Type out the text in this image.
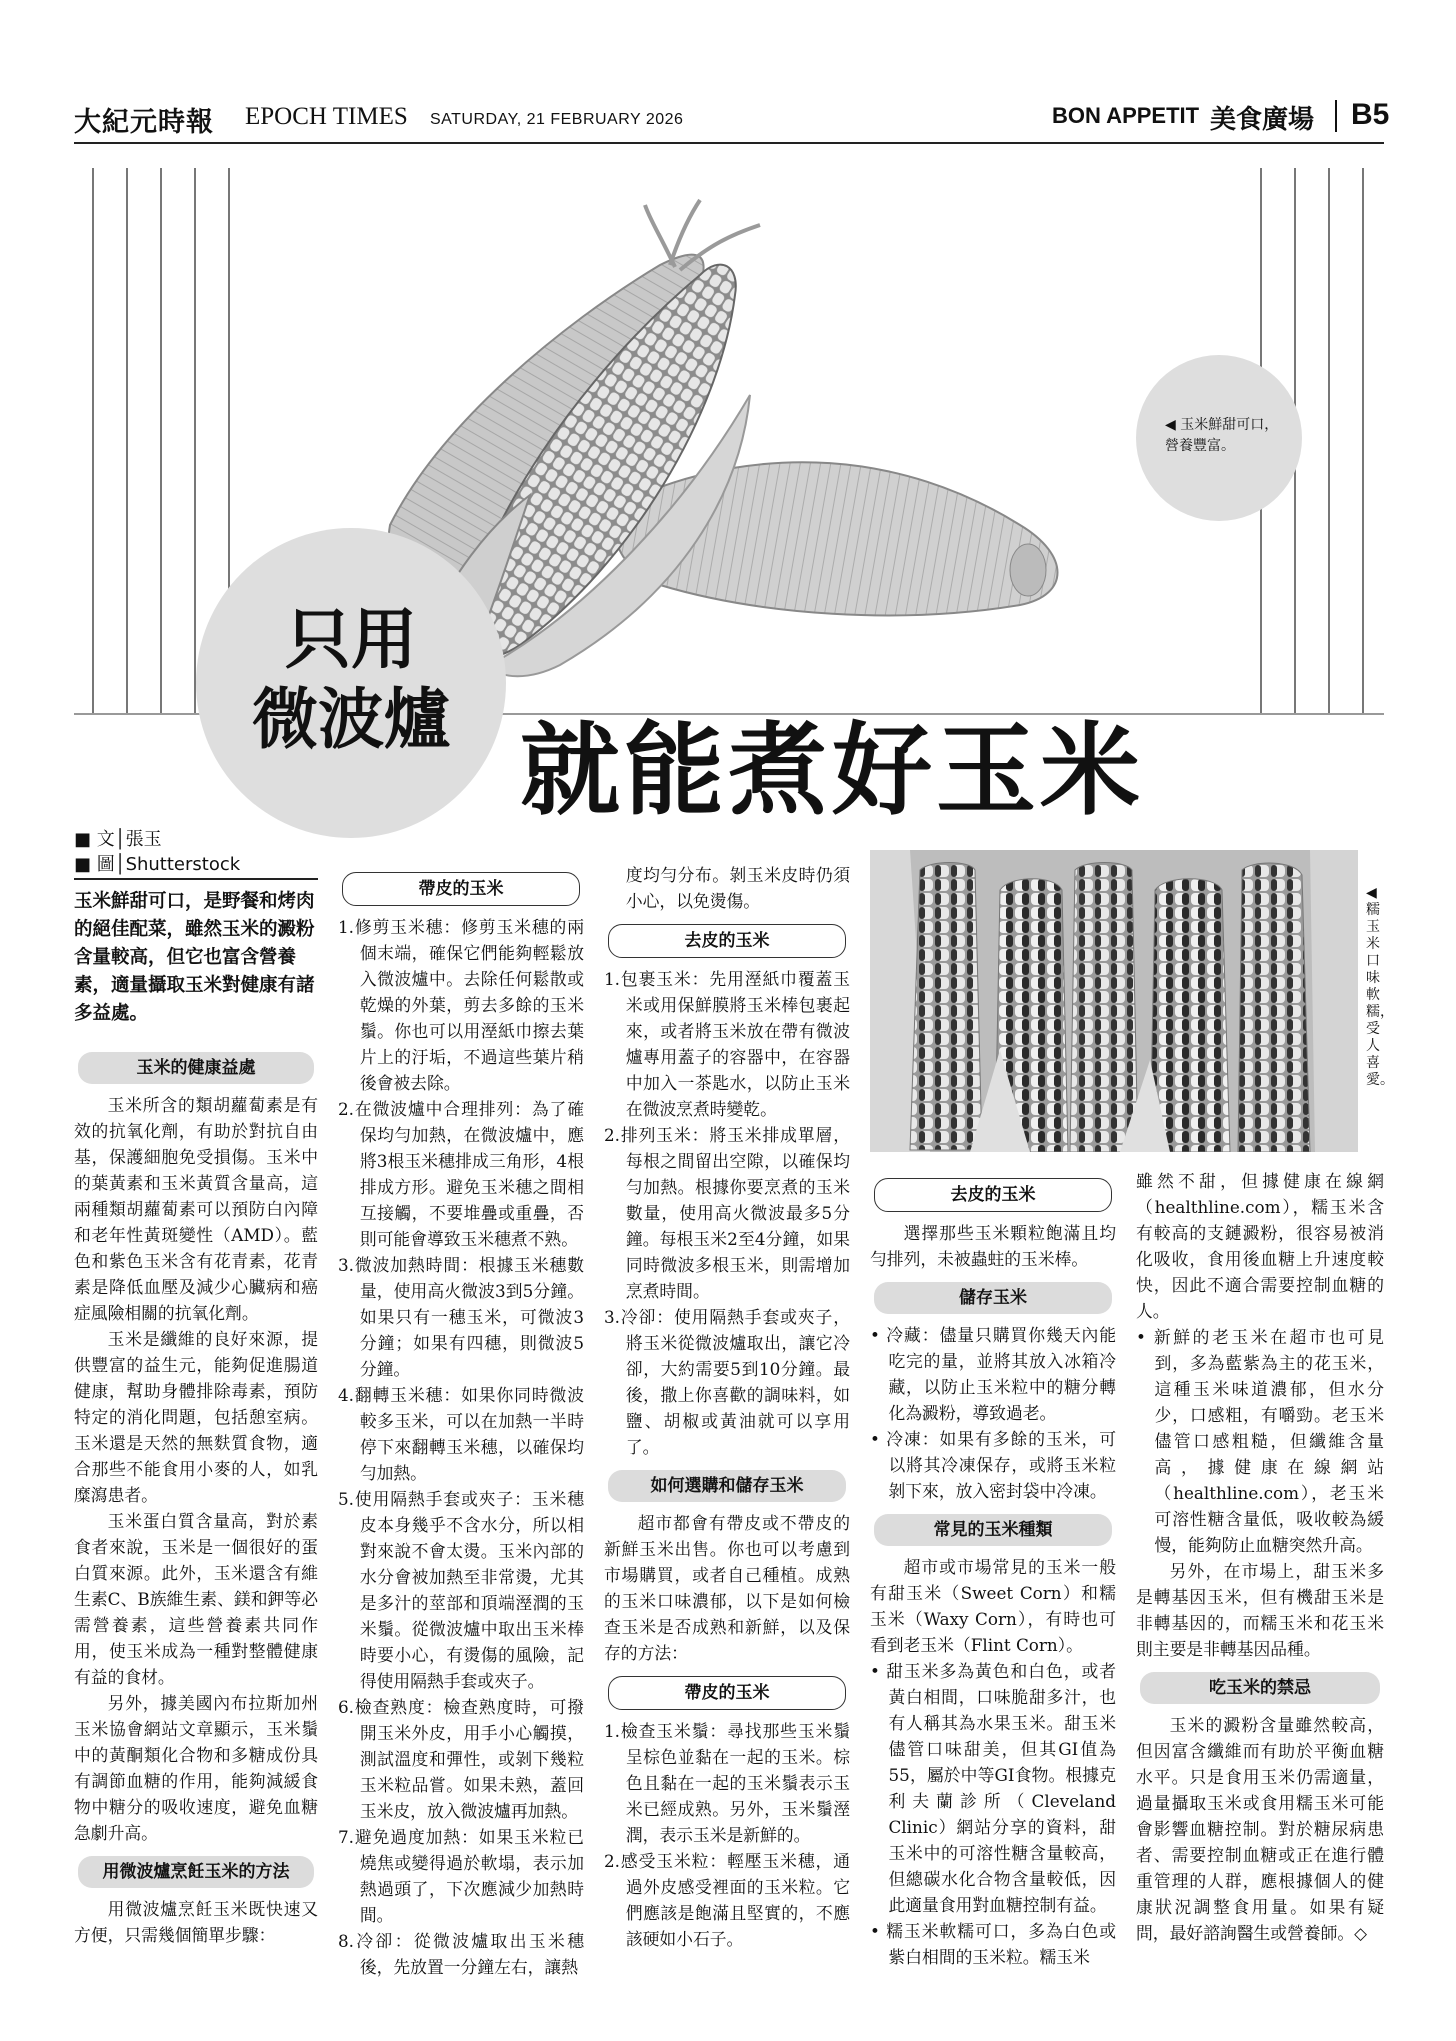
大紀元時報 EPOCH TIMES SATURDAY, 21 FEBRUARY 2026	BON APPETIT 美食廣場 B5
只用
微波爐 就能煮好玉米
◀ 玉米鮮甜可口，營養豐富。
■ 文│張玉
■ 圖│Shutterstock
玉米鮮甜可口，是野餐和烤肉的絕佳配菜，雖然玉米的澱粉含量較高，但它也富含營養素，適量攝取玉米對健康有諸多益處。
玉米的健康益處

玉米所含的類胡蘿蔔素是有效的抗氧化劑，有助於對抗自由基，保護細胞免受損傷。玉米中的葉黃素和玉米黃質含量高，這兩種類胡蘿蔔素可以預防白內障和老年性黃斑變性（AMD）。藍色和紫色玉米含有花青素，花青素是降低血壓及減少心臟病和癌症風險相關的抗氧化劑。

玉米是纖維的良好來源，提供豐富的益生元，能夠促進腸道健康，幫助身體排除毒素，預防特定的消化問題，包括憩室病。玉米還是天然的無麩質食物，適合那些不能食用小麥的人，如乳糜瀉患者。

玉米蛋白質含量高，對於素食者來說，玉米是一個很好的蛋白質來源。此外，玉米還含有維生素C、B族維生素、鎂和鉀等必需營養素，這些營養素共同作用，使玉米成為一種對整體健康有益的食材。

另外，據美國內布拉斯加州玉米協會網站文章顯示，玉米鬚中的黃酮類化合物和多糖成份具有調節血糖的作用，能夠減緩食物中糖分的吸收速度，避免血糖急劇升高。

用微波爐烹飪玉米的方法

用微波爐烹飪玉米既快速又方便，只需幾個簡單步驟：

帶皮的玉米
1.修剪玉米穗：修剪玉米穗的兩個末端，確保它們能夠輕鬆放入微波爐中。去除任何鬆散或乾燥的外葉，剪去多餘的玉米鬚。你也可以用溼紙巾擦去葉片上的汙垢，不過這些葉片稍後會被去除。
2.在微波爐中合理排列：為了確保均勻加熱，在微波爐中，應將3根玉米穗排成三角形，4根排成方形。避免玉米穗之間相互接觸，不要堆疊或重疊，否則可能會導致玉米穗煮不熟。
3.微波加熱時間：根據玉米穗數量，使用高火微波3到5分鐘。如果只有一穗玉米，可微波3分鐘；如果有四穗，則微波5分鐘。
4.翻轉玉米穗：如果你同時微波較多玉米，可以在加熱一半時停下來翻轉玉米穗，以確保均勻加熱。
5.使用隔熱手套或夾子：玉米穗皮本身幾乎不含水分，所以相對來說不會太燙。玉米內部的水分會被加熱至非常燙，尤其是多汁的莖部和頂端溼潤的玉米鬚。從微波爐中取出玉米棒時要小心，有燙傷的風險，記得使用隔熱手套或夾子。
6.檢查熟度：檢查熟度時，可撥開玉米外皮，用手小心觸摸，測試溫度和彈性，或剝下幾粒玉米粒品嘗。如果未熟，蓋回玉米皮，放入微波爐再加熱。
7.避免過度加熱：如果玉米粒已燒焦或變得過於軟塌，表示加熱過頭了，下次應減少加熱時間。
8.冷卻：從微波爐取出玉米穗後，先放置一分鐘左右，讓熱
度均勻分布。剝玉米皮時仍須小心，以免燙傷。
去皮的玉米
1.包裹玉米：先用溼紙巾覆蓋玉米或用保鮮膜將玉米棒包裹起來，或者將玉米放在帶有微波爐專用蓋子的容器中，在容器中加入一茶匙水，以防止玉米在微波烹煮時變乾。
2.排列玉米：將玉米排成單層，每根之間留出空隙，以確保均勻加熱。根據你要烹煮的玉米數量，使用高火微波最多5分鐘。每根玉米2至4分鐘，如果同時微波多根玉米，則需增加烹煮時間。
3.冷卻：使用隔熱手套或夾子，將玉米從微波爐取出，讓它冷卻，大約需要5到10分鐘。最後，撒上你喜歡的調味料，如鹽、胡椒或黃油就可以享用了。
如何選購和儲存玉米

超市都會有帶皮或不帶皮的新鮮玉米出售。你也可以考慮到市場購買，或者自己種植。成熟的玉米口味濃郁，以下是如何檢查玉米是否成熟和新鮮，以及保存的方法：

帶皮的玉米
1.檢查玉米鬚：尋找那些玉米鬚呈棕色並黏在一起的玉米。棕色且黏在一起的玉米鬚表示玉米已經成熟。另外，玉米鬚溼潤，表示玉米是新鮮的。
2.感受玉米粒：輕壓玉米穗，通過外皮感受裡面的玉米粒。它們應該是飽滿且堅實的，不應該硬如小石子。
◀ 糯玉米口味軟糯，受人喜愛。
去皮的玉米

選擇那些玉米顆粒飽滿且均勻排列，未被蟲蛀的玉米棒。

儲存玉米
• 冷藏：儘量只購買你幾天內能吃完的量，並將其放入冰箱冷藏，以防止玉米粒中的糖分轉化為澱粉，導致過老。
• 冷凍：如果有多餘的玉米，可以將其冷凍保存，或將玉米粒剝下來，放入密封袋中冷凍。
常見的玉米種類

超市或市場常見的玉米一般有甜玉米（Sweet Corn）和糯玉米（Waxy Corn），有時也可看到老玉米（Flint Corn）。

• 甜玉米多為黃色和白色，或者黃白相間，口味脆甜多汁，也有人稱其為水果玉米。甜玉米儘管口味甜美，但其GI值為55，屬於中等GI食物。根據克利夫蘭診所（Cleveland Clinic）網站分享的資料，甜玉米中的可溶性糖含量較高，但總碳水化合物含量較低，因此適量食用對血糖控制有益。
• 糯玉米軟糯可口，多為白色或紫白相間的玉米粒。糯玉米
雖然不甜，但據健康在線網（healthline.com），糯玉米含有較高的支鏈澱粉，很容易被消化吸收，食用後血糖上升速度較快，因此不適合需要控制血糖的人。
• 新鮮的老玉米在超市也可見到，多為藍紫為主的花玉米，這種玉米味道濃郁，但水分少，口感粗，有嚼勁。老玉米儘管口感粗糙，但纖維含量高，據健康在線網站（healthline.com），老玉米可溶性糖含量低，吸收較為緩慢，能夠防止血糖突然升高。

另外，在市場上，甜玉米多是轉基因玉米，但有機甜玉米是非轉基因的，而糯玉米和花玉米則主要是非轉基因品種。

吃玉米的禁忌

玉米的澱粉含量雖然較高，但因富含纖維而有助於平衡血糖水平。只是食用玉米仍需適量，過量攝取玉米或食用糯玉米可能會影響血糖控制。對於糖尿病患者、需要控制血糖或正在進行體重管理的人群，應根據個人的健康狀況調整食用量。如果有疑問，最好諮詢醫生或營養師。◇
